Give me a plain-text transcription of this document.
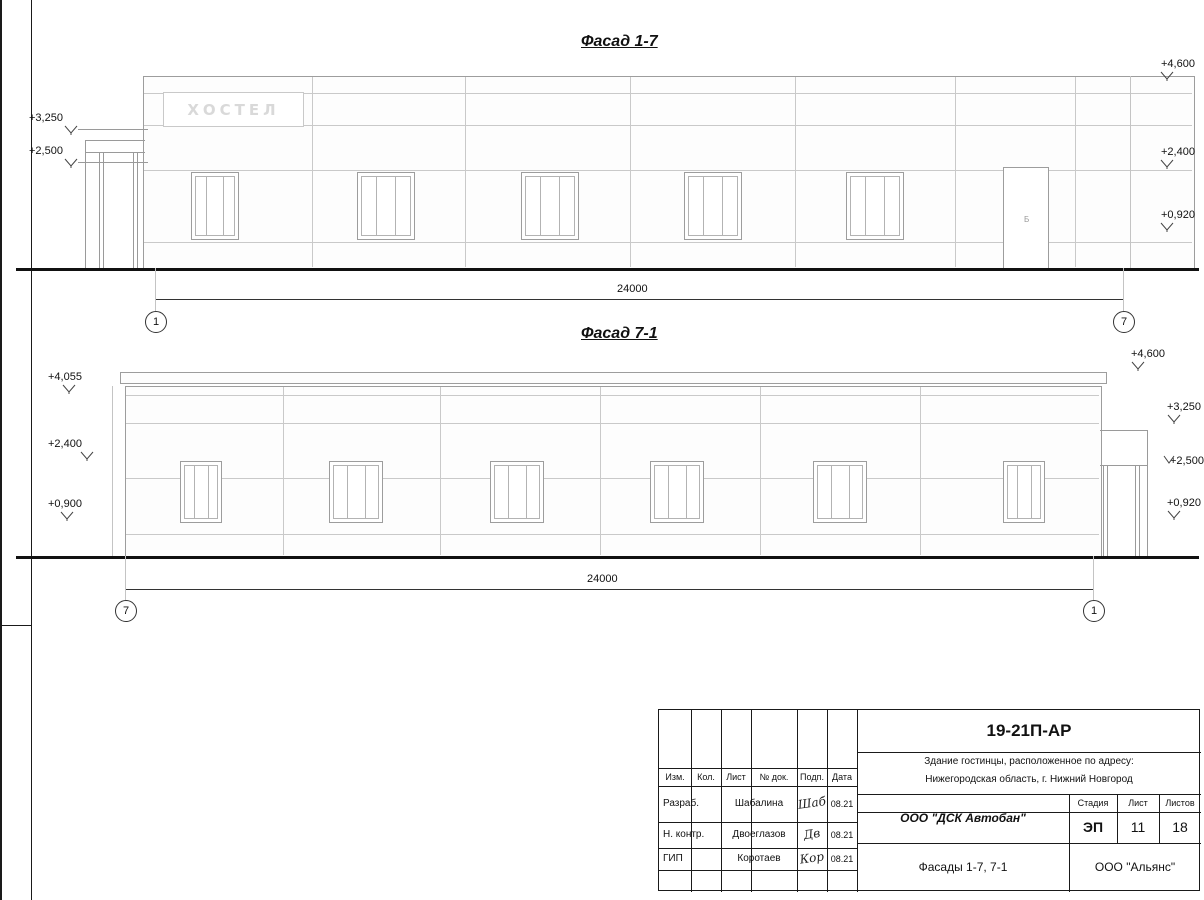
Фасад 1-7
ХОСТЕЛ
Б
+3,250
+2,500
+4,600
+2,400
+0,920
24000
1	7
Фасад 7-1
+4,055
+2,400
+0,900
+4,600
+3,250
+2,500
+0,920
24000
7	1
Изм.	Кол.	Лист	№ док.	Подп. Дата
Разраб.	Шабалина	Шаб 08.21
Н. контр.	Двоеглазов	Дв	08.21
ГИП	Коротаев	Кор 08.21
19-21П-АР
Здание гостинцы, расположенное по адресу:
Нижегородская область, г. Нижний Новгород
ООО "ДСК Автобан"
Стадия	Лист	Листов
ЭП	11	18
Фасады 1-7, 7-1	ООО "Альянс"
